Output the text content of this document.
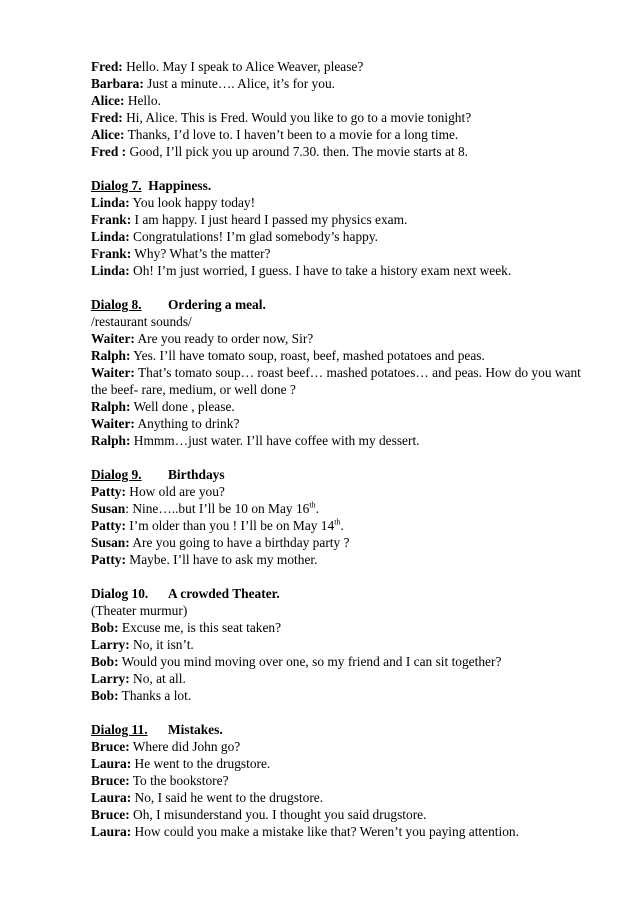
Fred: Hello. May I speak to Alice Weaver, please?
Barbara: Just a minute…. Alice, it’s for you.
Alice: Hello.
Fred: Hi, Alice. This is Fred. Would you like to go to a movie tonight?
Alice: Thanks, I’d love to. I haven’t been to a movie for a long time.
Fred : Good, I’ll pick you up around 7.30. then. The movie starts at 8.
Dialog 7. Happiness.
Linda: You look happy today!
Frank: I am happy. I just heard I passed my physics exam.
Linda: Congratulations! I’m glad somebody’s happy.
Frank: Why? What’s the matter?
Linda: Oh! I’m just worried, I guess. I have to take a history exam next week.
Dialog 8. Ordering a meal.
/restaurant sounds/
Waiter: Are you ready to order now, Sir?
Ralph: Yes. I’ll have tomato soup, roast, beef, mashed potatoes and peas.
Waiter: That’s tomato soup… roast beef… mashed potatoes… and peas. How do you want the beef- rare, medium, or well done ?
Ralph: Well done , please.
Waiter: Anything to drink?
Ralph: Hmmm…just water. I’ll have coffee with my dessert.
Dialog 9. Birthdays
Patty: How old are you?
Susan: Nine…..but I’ll be 10 on May 16th.
Patty: I’m older than you ! I’ll be on May 14th.
Susan: Are you going to have a birthday party ?
Patty: Maybe. I’ll have to ask my mother.
Dialog 10. A crowded Theater.
(Theater murmur)
Bob: Excuse me, is this seat taken?
Larry: No, it isn’t.
Bob: Would you mind moving over one, so my friend and I can sit together?
Larry: No, at all.
Bob: Thanks a lot.
Dialog 11. Mistakes.
Bruce: Where did John go?
Laura: He went to the drugstore.
Bruce: To the bookstore?
Laura: No, I said he went to the drugstore.
Bruce: Oh, I misunderstand you. I thought you said drugstore.
Laura: How could you make a mistake like that? Weren’t you paying attention.
